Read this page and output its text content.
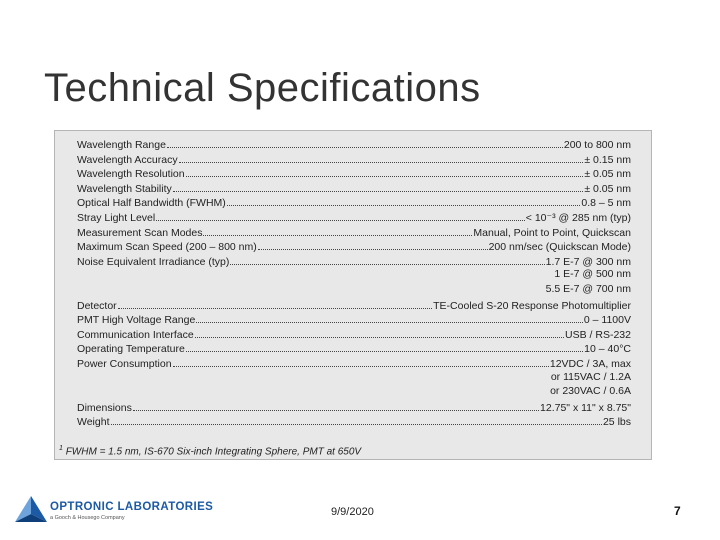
Technical Specifications
$^1$ FWHM = 1.5 nm, IS-670 Six-inch Integrating Sphere, PMT at 650V
Wavelength Range	200 to 800 nm
Wavelength Accuracy	± 0.15 nm
Wavelength Resolution	± 0.05 nm
Wavelength Stability	± 0.05 nm
Optical Half Bandwidth (FWHM)	0.8 – 5 nm
Stray Light Level	< 10⁻³ @ 285 nm (typ)
Measurement Scan Modes	Manual, Point to Point, Quickscan
Maximum Scan Speed (200 – 800 nm)	200 nm/sec (Quickscan Mode)
Noise Equivalent Irradiance (typ)	1.7 E-7 @ 300 nm
1 E-7 @ 500 nm
5.5 E-7 @ 700 nm
Detector	TE-Cooled S-20 Response Photomultiplier
PMT High Voltage Range	0 – 1100V
Communication Interface	USB / RS-232
Operating Temperature	10 – 40°C
Power Consumption	12VDC / 3A, max
or 115VAC / 1.2A
or 230VAC / 0.6A
Dimensions	12.75" x 11" x 8.75"
Weight	25 lbs
OPTRONIC LABORATORIES
a Gooch & Housego Company	9/9/2020	7
